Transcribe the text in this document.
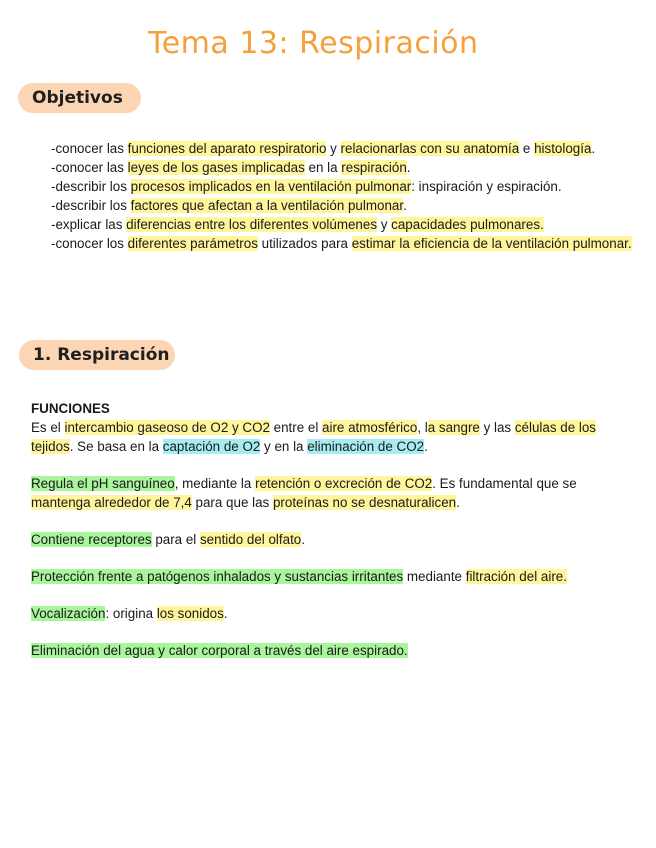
Tema 13: Respiración
Objetivos

-conocer las funciones del aparato respiratorio y relacionarlas con su anatomía e histología.

-conocer las leyes de los gases implicadas en la respiración.

-describir los procesos implicados en la ventilación pulmonar: inspiración y espiración.

-describir los factores que afectan a la ventilación pulmonar.

-explicar las diferencias entre los diferentes volúmenes y capacidades pulmonares.

-conocer los diferentes parámetros utilizados para estimar la eficiencia de la ventilación pulmonar.

1. Respiración

FUNCIONES
Es el intercambio gaseoso de O2 y CO2 entre el aire atmosférico, la sangre y las células de los tejidos. Se basa en la captación de O2 y en la eliminación de CO2.

Regula el pH sanguíneo, mediante la retención o excreción de CO2. Es fundamental que se mantenga alrededor de 7,4 para que las proteínas no se desnaturalicen.

Contiene receptores para el sentido del olfato.

Protección frente a patógenos inhalados y sustancias irritantes mediante filtración del aire.

Vocalización: origina los sonidos.

Eliminación del agua y calor corporal a través del aire espirado.
